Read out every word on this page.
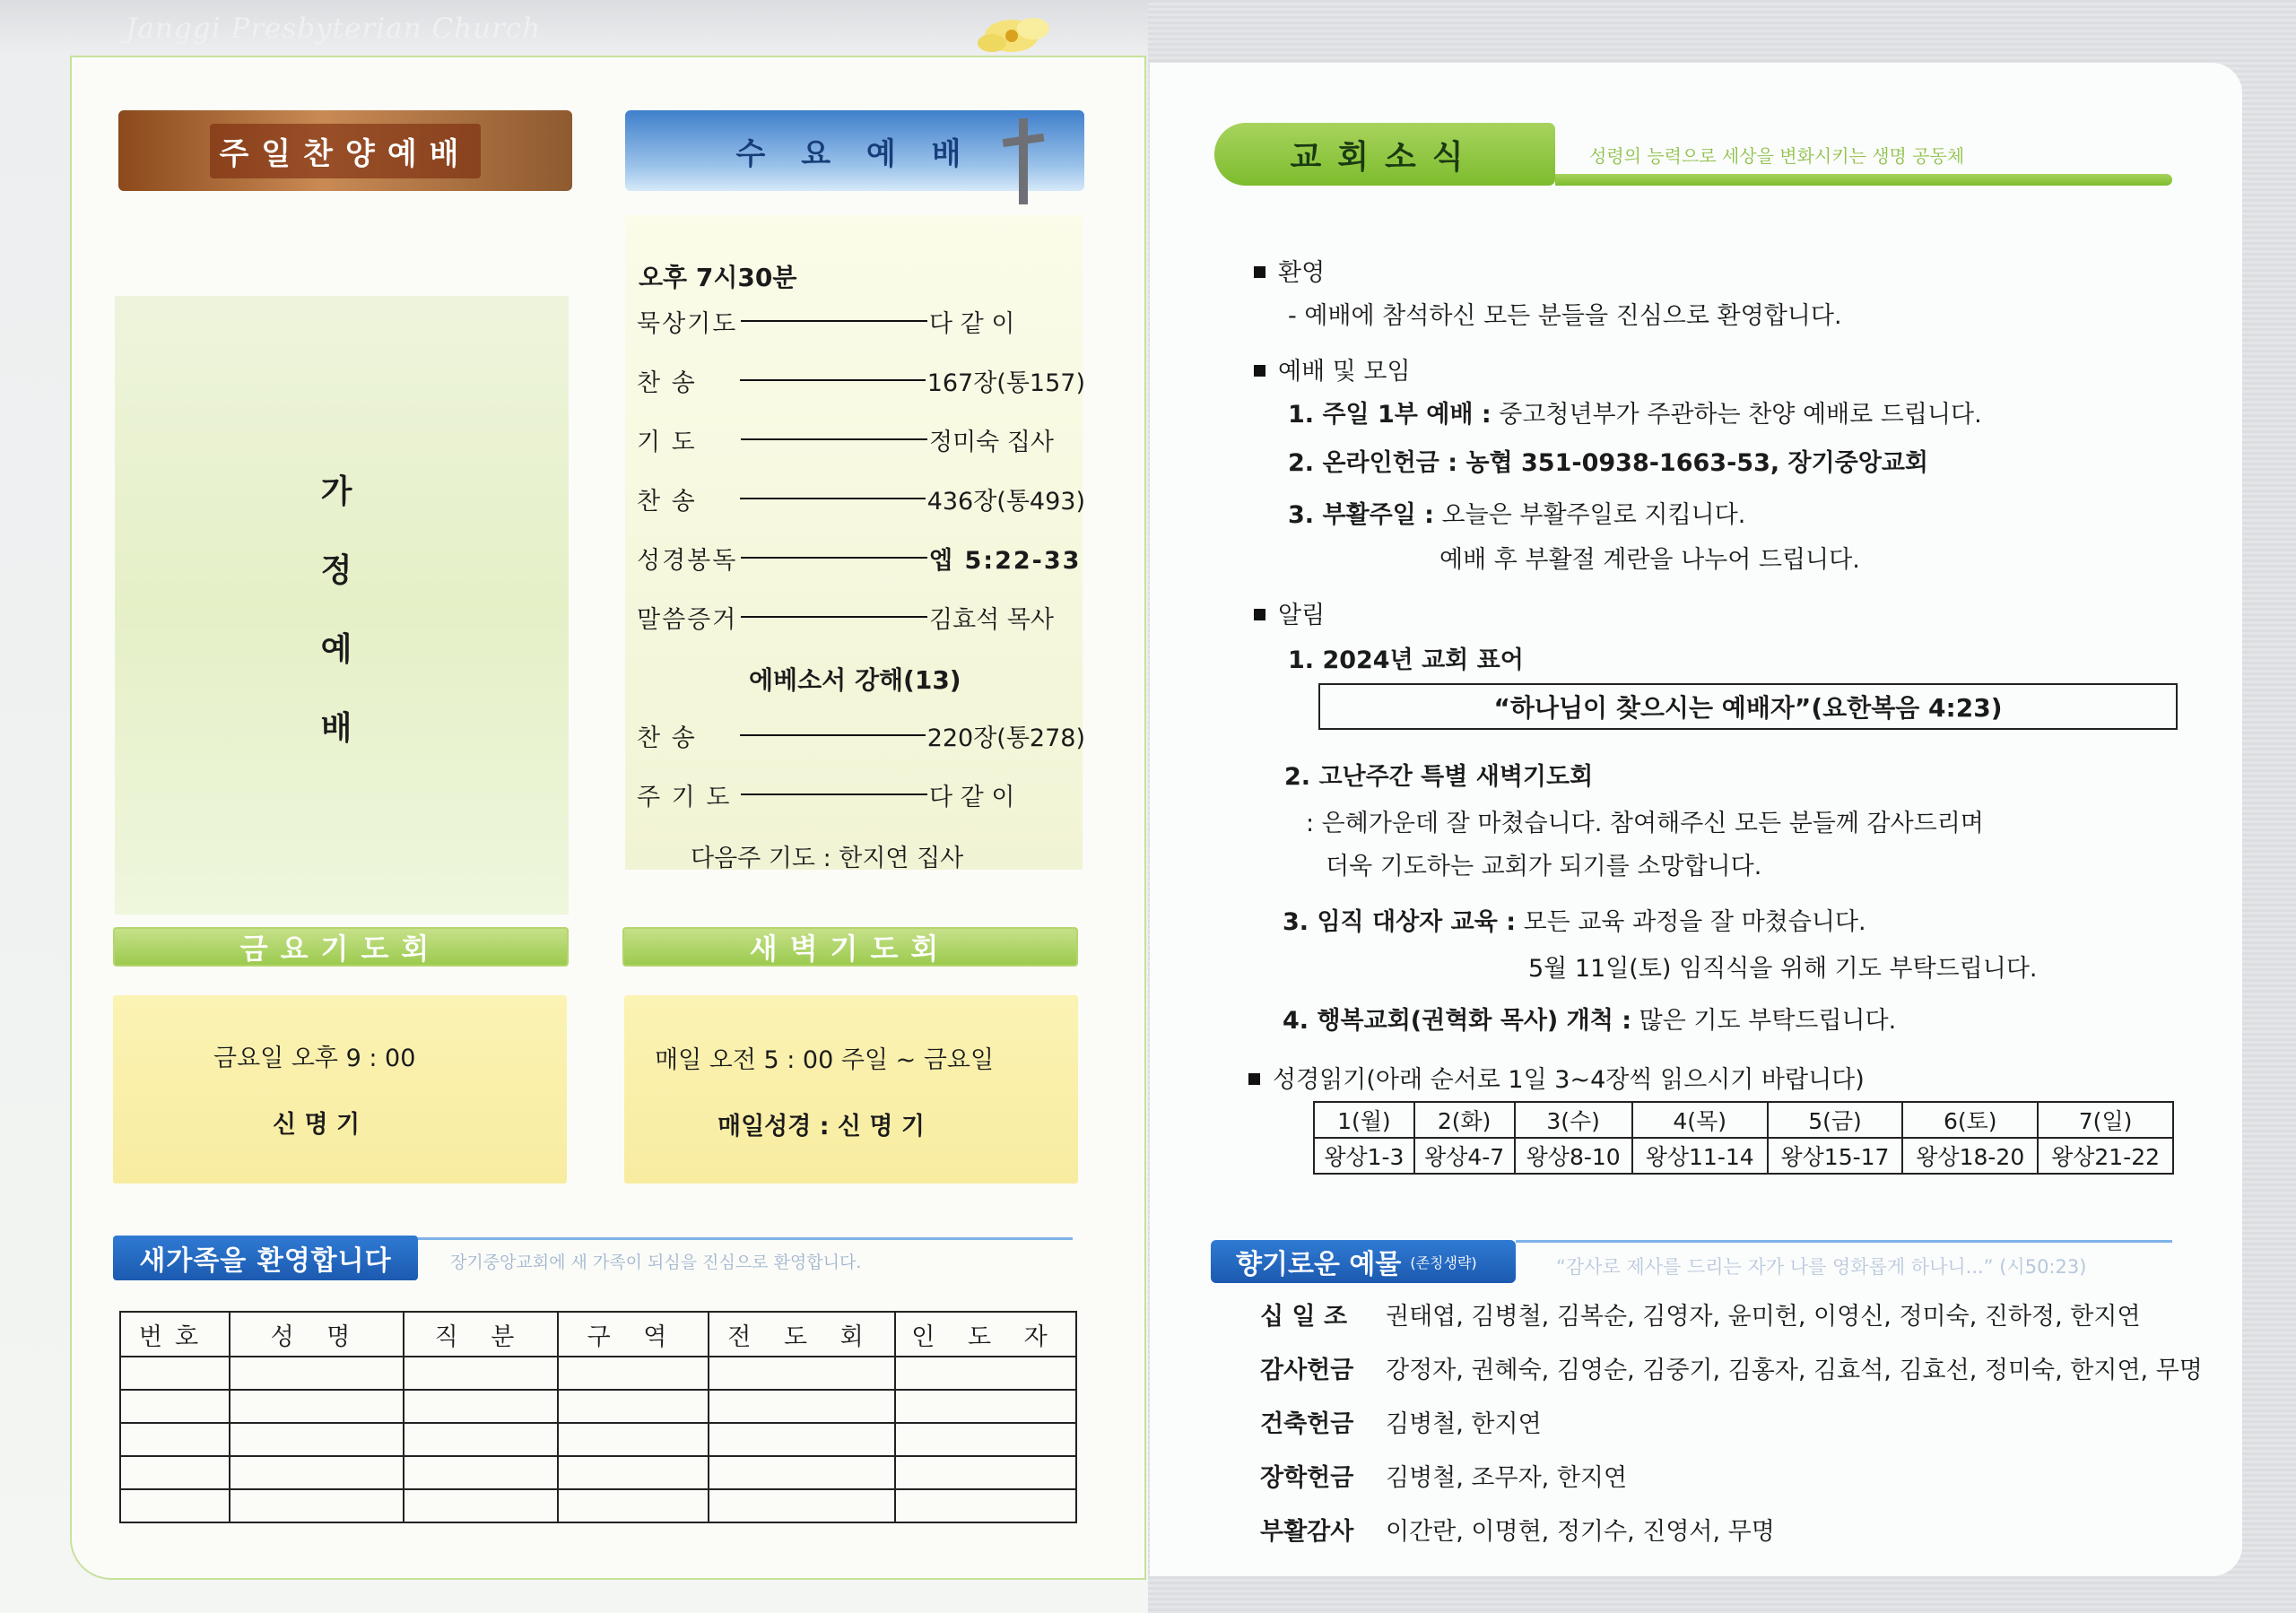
Janggi Presbyterian Church
주일찬양예배
가
정
예
배
수 요 예 배
오후 7시30분
묵상기도	다 같 이
찬 송	167장(통157)
기 도	정미숙 집사
찬 송	436장(통493)
성경봉독	엡 5:22-33
말씀증거	김효석 목사
에베소서 강해(13)
찬 송	220장(통278)
주 기 도	다 같 이
다음주 기도 : 한지연 집사
금요기도회	새벽기도회
금요일 오후 9 : 00
신 명 기
매일 오전 5 : 00 주일 ~ 금요일
매일성경 : 신 명 기
새가족을 환영합니다	장기중앙교회에 새 가족이 되심을 진심으로 환영합니다.
번호	성 명	직 분	구 역	전 도 회	인 도 자

교회소식	성령의 능력으로 세상을 변화시키는 생명 공동체
환영
- 예배에 참석하신 모든 분들을 진심으로 환영합니다.
예배 및 모임
1. 주일 1부 예배 : 중고청년부가 주관하는 찬양 예배로 드립니다.
2. 온라인헌금 : 농협 351-0938-1663-53, 장기중앙교회
3. 부활주일 : 오늘은 부활주일로 지킵니다.
예배 후 부활절 계란을 나누어 드립니다.
알림
1. 2024년 교회 표어
“하나님이 찾으시는 예배자”(요한복음 4:23)
2. 고난주간 특별 새벽기도회
: 은혜가운데 잘 마쳤습니다. 참여해주신 모든 분들께 감사드리며
더욱 기도하는 교회가 되기를 소망합니다.
3. 임직 대상자 교육 : 모든 교육 과정을 잘 마쳤습니다.
5월 11일(토) 임직식을 위해 기도 부탁드립니다.
4. 행복교회(권혁화 목사) 개척 : 많은 기도 부탁드립니다.
성경읽기(아래 순서로 1일 3~4장씩 읽으시기 바랍니다)
1(월)	2(화)	3(수)	4(목)	5(금)	6(토)	7(일)
왕상1-3	왕상4-7	왕상8-10	왕상11-14	왕상15-17	왕상18-20	왕상21-22
향기로운 예물 (존칭생략)	“감사로 제사를 드리는 자가 나를 영화롭게 하나니...” (시50:23)
십 일 조	권태엽, 김병철, 김복순, 김영자, 윤미헌, 이영신, 정미숙, 진하정, 한지연
감사헌금	강정자, 권혜숙, 김영순, 김중기, 김홍자, 김효석, 김효선, 정미숙, 한지연, 무명
건축헌금	김병철, 한지연
장학헌금	김병철, 조무자, 한지연
부활감사	이간란, 이명현, 정기수, 진영서, 무명
